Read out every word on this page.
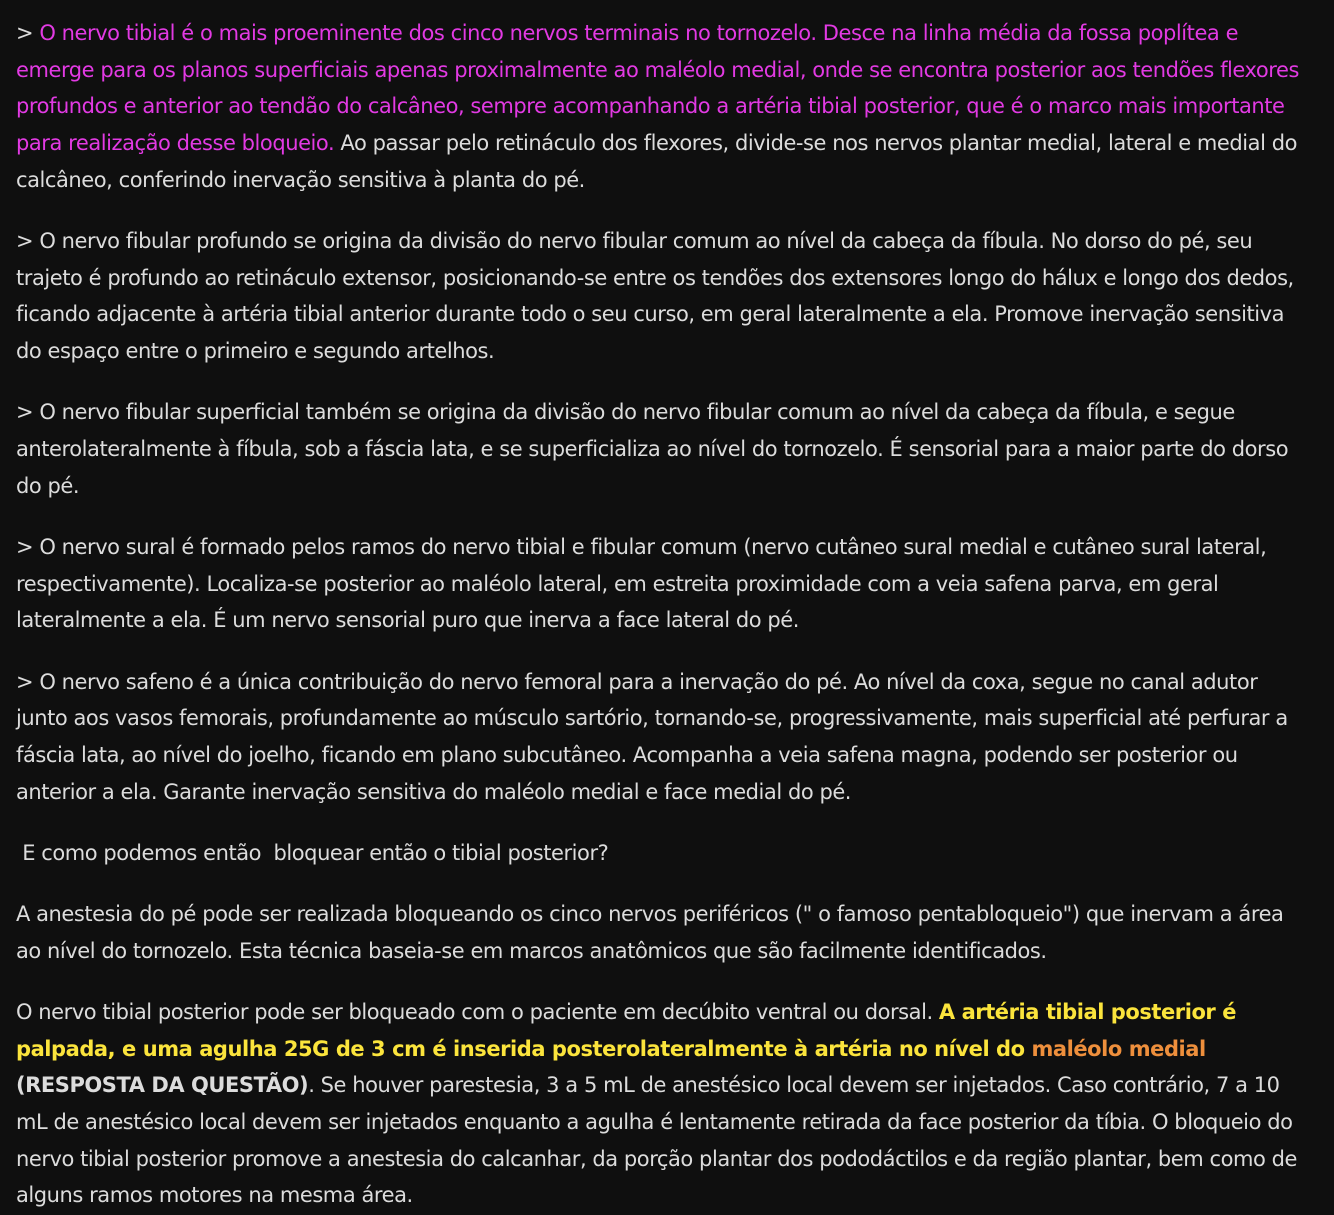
> O nervo tibial é o mais proeminente dos cinco nervos terminais no tornozelo. Desce na linha média da fossa poplítea e emerge para os planos superficiais apenas proximalmente ao maléolo medial, onde se encontra posterior aos tendões flexores profundos e anterior ao tendão do calcâneo, sempre acompanhando a artéria tibial posterior, que é o marco mais importante para realização desse bloqueio. Ao passar pelo retináculo dos flexores, divide-se nos nervos plantar medial, lateral e medial do calcâneo, conferindo inervação sensitiva à planta do pé.

> O nervo fibular profundo se origina da divisão do nervo fibular comum ao nível da cabeça da fíbula. No dorso do pé, seu trajeto é profundo ao retináculo extensor, posicionando-se entre os tendões dos extensores longo do hálux e longo dos dedos, ficando adjacente à artéria tibial anterior durante todo o seu curso, em geral lateralmente a ela. Promove inervação sensitiva do espaço entre o primeiro e segundo artelhos.

> O nervo fibular superficial também se origina da divisão do nervo fibular comum ao nível da cabeça da fíbula, e segue anterolateralmente à fíbula, sob a fáscia lata, e se superficializa ao nível do tornozelo. É sensorial para a maior parte do dorso do pé.

> O nervo sural é formado pelos ramos do nervo tibial e fibular comum (nervo cutâneo sural medial e cutâneo sural lateral, respectivamente). Localiza-se posterior ao maléolo lateral, em estreita proximidade com a veia safena parva, em geral lateralmente a ela. É um nervo sensorial puro que inerva a face lateral do pé.

> O nervo safeno é a única contribuição do nervo femoral para a inervação do pé. Ao nível da coxa, segue no canal adutor junto aos vasos femorais, profundamente ao músculo sartório, tornando-se, progressivamente, mais superficial até perfurar a fáscia lata, ao nível do joelho, ficando em plano subcutâneo. Acompanha a veia safena magna, podendo ser posterior ou anterior a ela. Garante inervação sensitiva do maléolo medial e face medial do pé.

E como podemos então  bloquear então o tibial posterior?

A anestesia do pé pode ser realizada bloqueando os cinco nervos periféricos (" o famoso pentabloqueio") que inervam a área ao nível do tornozelo. Esta técnica baseia-se em marcos anatômicos que são facilmente identificados.

O nervo tibial posterior pode ser bloqueado com o paciente em decúbito ventral ou dorsal. A artéria tibial posterior é palpada, e uma agulha 25G de 3 cm é inserida posterolateralmente à artéria no nível do maléolo medial  (RESPOSTA DA QUESTÃO). Se houver parestesia, 3 a 5 mL de anestésico local devem ser injetados. Caso contrário, 7 a 10 mL de anestésico local devem ser injetados enquanto a agulha é lentamente retirada da face posterior da tíbia. O bloqueio do nervo tibial posterior promove a anestesia do calcanhar, da porção plantar dos pododáctilos e da região plantar, bem como de alguns ramos motores na mesma área.
